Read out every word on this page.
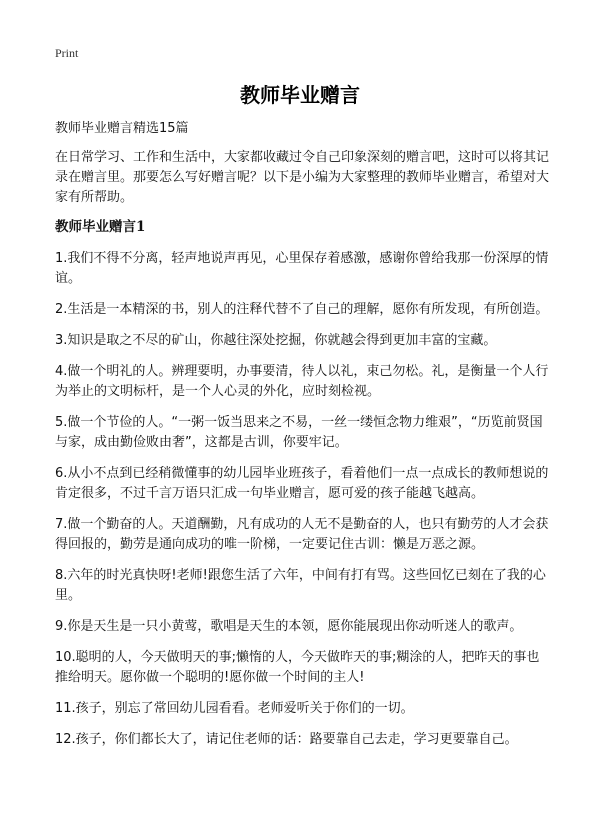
Print
教师毕业赠言

教师毕业赠言精选15篇

在日常学习、工作和生活中，大家都收藏过令自己印象深刻的赠言吧，这时可以将其记录在赠言里。那要怎么写好赠言呢？以下是小编为大家整理的教师毕业赠言，希望对大家有所帮助。

教师毕业赠言1

1.我们不得不分离，轻声地说声再见，心里保存着感激，感谢你曾给我那一份深厚的情谊。

2.生活是一本精深的书，别人的注释代替不了自己的理解，愿你有所发现，有所创造。

3.知识是取之不尽的矿山，你越往深处挖掘，你就越会得到更加丰富的宝藏。

4.做一个明礼的人。辨理要明，办事要清，待人以礼，束己勿松。礼，是衡量一个人行为举止的文明标杆，是一个人心灵的外化，应时刻检视。

5.做一个节俭的人。“一粥一饭当思来之不易，一丝一缕恒念物力维艰”，“历览前贤国与家，成由勤俭败由奢”，这都是古训，你要牢记。

6.从小不点到已经稍微懂事的幼儿园毕业班孩子，看着他们一点一点成长的教师想说的肯定很多，不过千言万语只汇成一句毕业赠言，愿可爱的孩子能越飞越高。

7.做一个勤奋的人。天道酬勤，凡有成功的人无不是勤奋的人，也只有勤劳的人才会获得回报的，勤劳是通向成功的唯一阶梯，一定要记住古训：懒是万恶之源。

8.六年的时光真快呀!老师!跟您生活了六年，中间有打有骂。这些回忆已刻在了我的心里。

9.你是天生是一只小黄莺，歌唱是天生的本领，愿你能展现出你动听迷人的歌声。

10.聪明的人，今天做明天的事;懒惰的人，今天做昨天的事;糊涂的人，把昨天的事也推给明天。愿你做一个聪明的!愿你做一个时间的主人!

11.孩子，别忘了常回幼儿园看看。老师爱听关于你们的一切。

12.孩子，你们都长大了，请记住老师的话：路要靠自己去走，学习更要靠自己。
